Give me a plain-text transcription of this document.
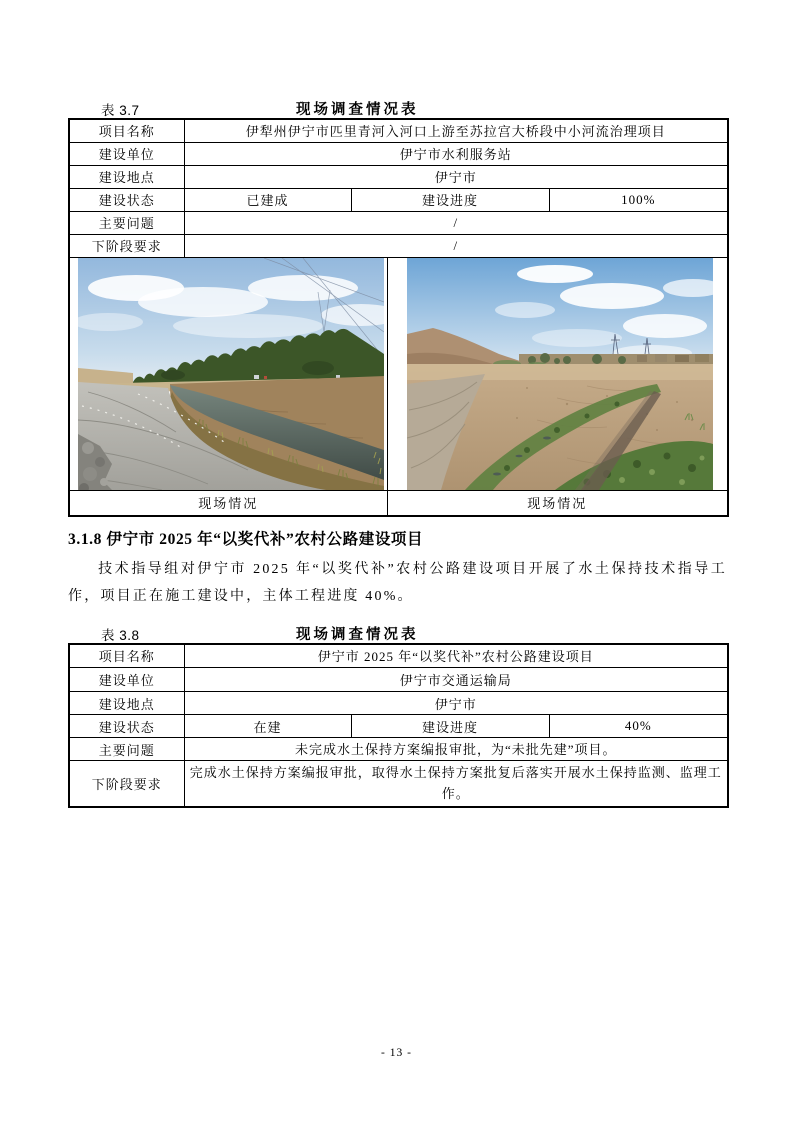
表 3.7	现场调查情况表
项目名称	伊犁州伊宁市匹里青河入河口上游至苏拉宫大桥段中小河流治理项目			
建设单位	伊宁市水利服务站			
建设地点	伊宁市			
建设状态	已建成	建设进度		100%
主要问题	/			
下阶段要求	/			

现场情况			现场情况	
3.1.8 伊宁市 2025 年“以奖代补”农村公路建设项目

技术指导组对伊宁市 2025 年“以奖代补”农村公路建设项目开展了水土保持技术指导工作，项目正在施工建设中，主体工程进度 40%。

表 3.8	现场调查情况表
项目名称	伊宁市 2025 年“以奖代补”农村公路建设项目		
建设单位	伊宁市交通运输局		
建设地点	伊宁市		
建设状态	在建	建设进度	40%
主要问题	未完成水土保持方案编报审批，为“未批先建”项目。		
下阶段要求	完成水土保持方案编报审批，取得水土保持方案批复后落实开展水土保持监测、监理工作。		
- 13 -
